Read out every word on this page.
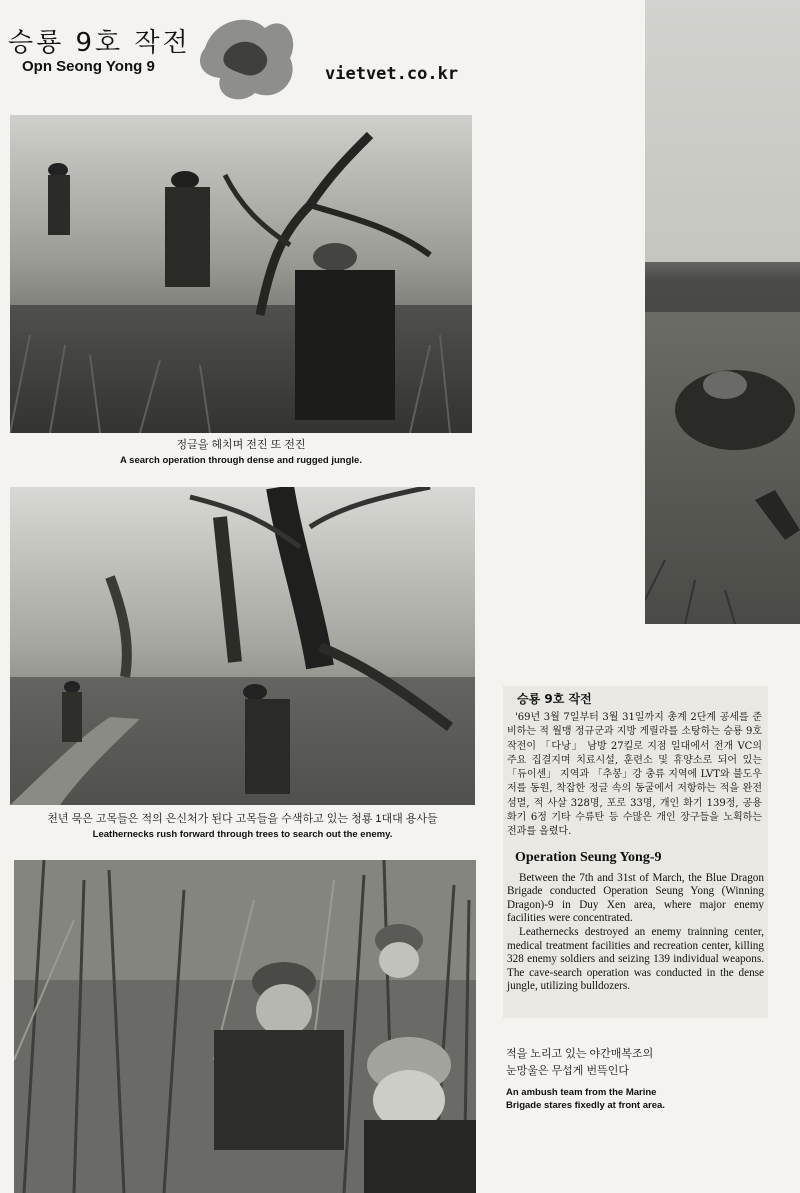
승룡 9호 작전
Opn Seong Yong 9	vietvet.co.kr
정글을 헤치며 전진 또 전진
A search operation through dense and rugged jungle.
천년 묵은 고목들은 적의 은신처가 된다 고목들을 수색하고 있는 청룡 1대대 용사들
Leathernecks rush forward through trees to search out the enemy.
승룡 9호 작전
'69년 3월 7일부터 3월 31일까지 총계 2단계 공세를 준비하는 적 월맹 정규군과 지방 게릴라를 소탕하는 승룡 9호 작전이 「다낭」 남방 27킬로 지점 일대에서 전개 VC의 주요 집결지며 치료시설, 훈련소 및 휴양소로 되어 있는 「듀이센」 지역과 「추봉」강 충류 지역에 LVT와 불도우저를 동원, 착잡한 정글 속의 동굴에서 저항하는 적을 완전 섬멸, 적 사살 328명, 포로 33명, 개인 화기 139정, 공용 화기 6정 기타 수류탄 등 수많은 개인 장구들을 노획하는 전과를 올렸다.
Operation Seung Yong-9

Between the 7th and 31st of March, the Blue Dragon Brigade conducted Operation Seung Yong (Winning Dragon)-9 in Duy Xen area, where major enemy facilities were concentrated.

Leathernecks destroyed an enemy trainning center, medical treatment facilities and recreation center, killing 328 enemy soldiers and seizing 139 individual weapons. The cave-search operation was conducted in the dense jungle, utilizing bulldozers.

적을 노리고 있는 야간매복조의
눈망울은 무섭게 번뜩인다
An ambush team from the Marine
Brigade stares fixedly at front area.
